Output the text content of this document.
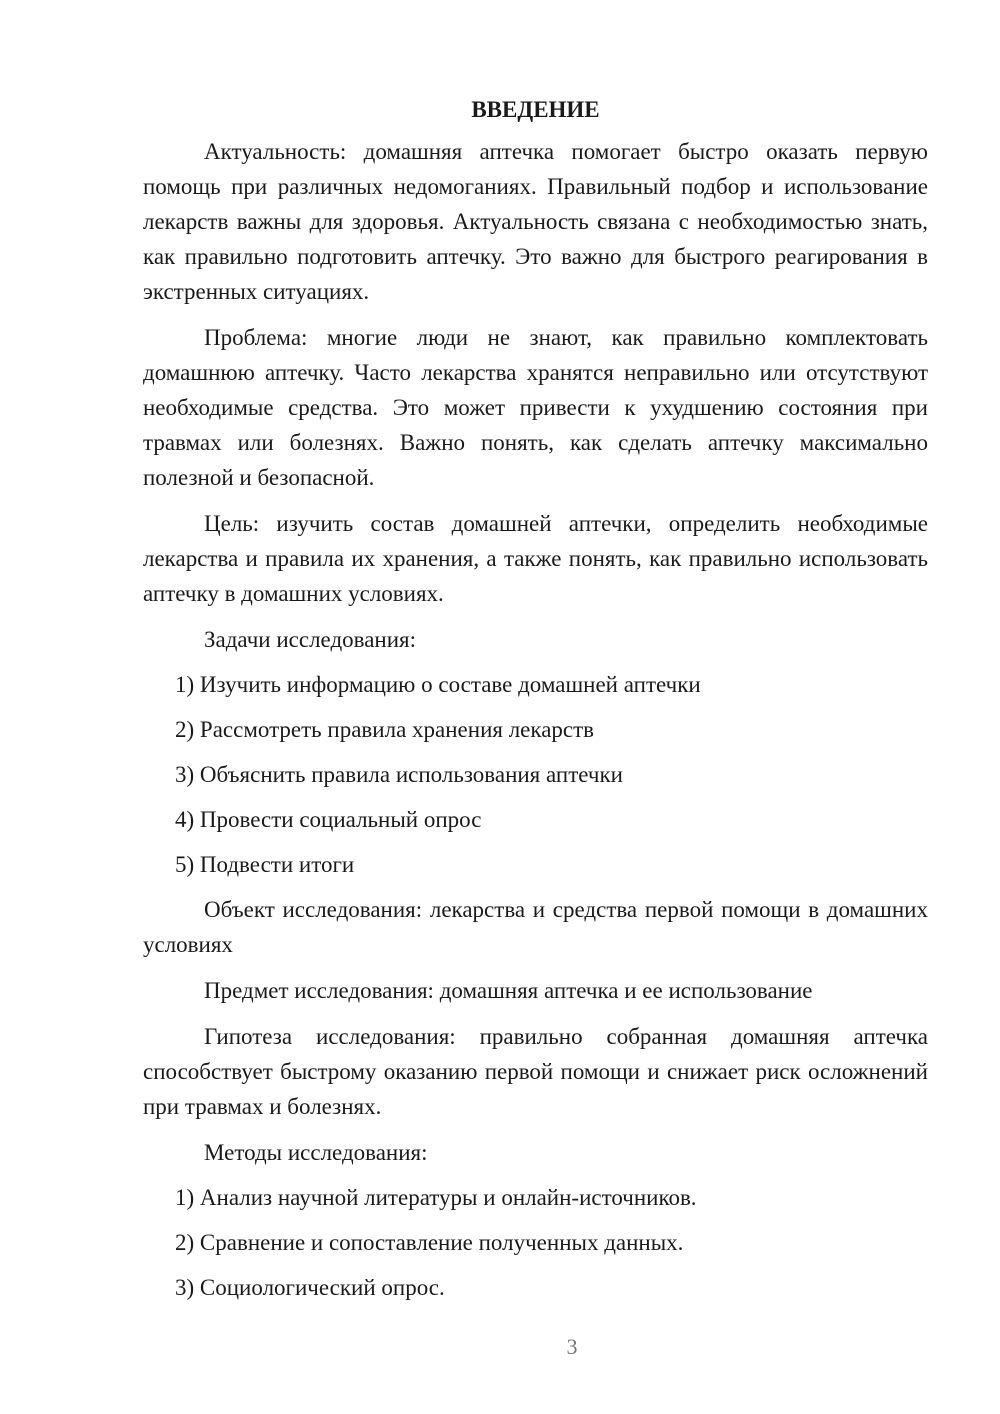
ВВЕДЕНИЕ

Актуальность: домашняя аптечка помогает быстро оказать первую помощь при различных недомоганиях. Правильный подбор и использование лекарств важны для здоровья. Актуальность связана с необходимостью знать, как правильно подготовить аптечку. Это важно для быстрого реагирования в экстренных ситуациях.

Проблема: многие люди не знают, как правильно комплектовать домашнюю аптечку. Часто лекарства хранятся неправильно или отсутствуют необходимые средства. Это может привести к ухудшению состояния при травмах или болезнях. Важно понять, как сделать аптечку максимально полезной и безопасной.

Цель: изучить состав домашней аптечки, определить необходимые лекарства и правила их хранения, а также понять, как правильно использовать аптечку в домашних условиях.

Задачи исследования:

1) Изучить информацию о составе домашней аптечки

2) Рассмотреть правила хранения лекарств

3) Объяснить правила использования аптечки

4) Провести социальный опрос

5) Подвести итоги

Объект исследования: лекарства и средства первой помощи в домашних условиях

Предмет исследования: домашняя аптечка и ее использование

Гипотеза исследования: правильно собранная домашняя аптечка способствует быстрому оказанию первой помощи и снижает риск осложнений при травмах и болезнях.

Методы исследования:

1) Анализ научной литературы и онлайн-источников.

2) Сравнение и сопоставление полученных данных.

3) Социологический опрос.

3
